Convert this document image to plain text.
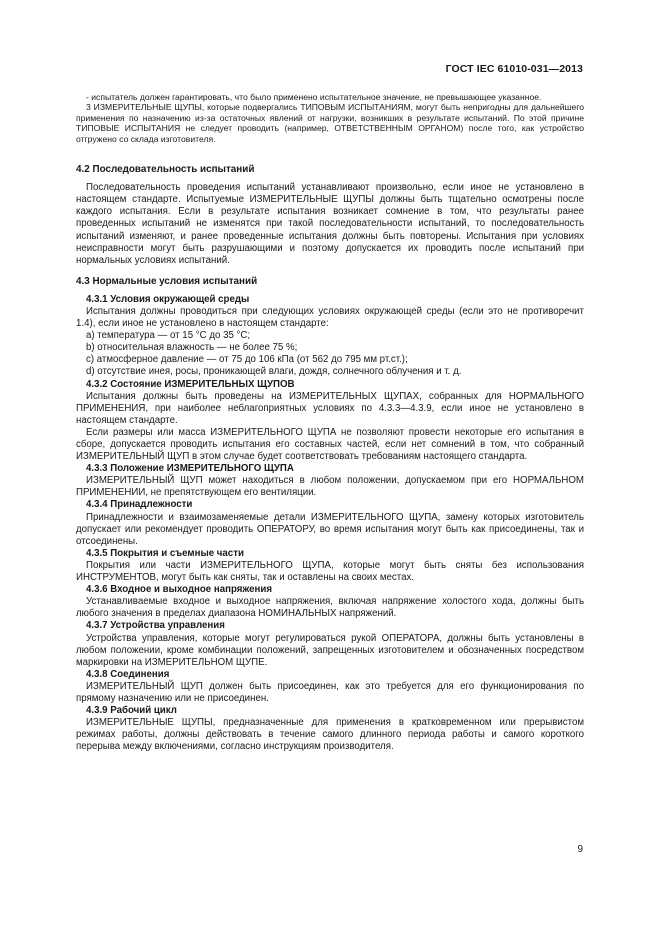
ГОСТ IEC 61010-031—2013

- испытатель должен гарантировать, что было применено испытательное значение, не превышающее указанное.

3 ИЗМЕРИТЕЛЬНЫЕ ЩУПЫ, которые подвергались ТИПОВЫМ ИСПЫТАНИЯМ, могут быть непригодны для дальнейшего применения по назначению из-за остаточных явлений от нагрузки, возникших в результате испытаний. По этой причине ТИПОВЫЕ ИСПЫТАНИЯ не следует проводить (например, ОТВЕТСТВЕННЫМ ОРГАНОМ) после того, как устройство отгружено со склада изготовителя.

4.2 Последовательность испытаний

Последовательность проведения испытаний устанавливают произвольно, если иное не установлено в настоящем стандарте. Испытуемые ИЗМЕРИТЕЛЬНЫЕ ЩУПЫ должны быть тщательно осмотрены после каждого испытания. Если в результате испытания возникает сомнение в том, что результаты ранее проведенных испытаний не изменятся при такой последовательности испытаний, то последовательность испытаний изменяют, и ранее проведенные испытания должны быть повторены. Испытания при условиях неисправности могут быть разрушающими и поэтому допускается их проводить после испытаний при нормальных условиях испытаний.

4.3 Нормальные условия испытаний
4.3.1 Условия окружающей среды

Испытания должны проводиться при следующих условиях окружающей среды (если это не противоречит 1.4), если иное не установлено в настоящем стандарте:

а) температура — от 15 °С до 35 °С;
b) относительная влажность — не более 75 %;
с) атмосферное давление — от 75 до 106 кПа (от 562 до 795 мм рт.ст.);
d) отсутствие инея, росы, проникающей влаги, дождя, солнечного облучения и т. д.
4.3.2 Состояние ИЗМЕРИТЕЛЬНЫХ ЩУПОВ

Испытания должны быть проведены на ИЗМЕРИТЕЛЬНЫХ ЩУПАХ, собранных для НОРМАЛЬНОГО ПРИМЕНЕНИЯ, при наиболее неблагоприятных условиях по 4.3.3—4.3.9, если иное не установлено в настоящем стандарте.

Если размеры или масса ИЗМЕРИТЕЛЬНОГО ЩУПА не позволяют провести некоторые его испытания в сборе, допускается проводить испытания его составных частей, если нет сомнений в том, что собранный ИЗМЕРИТЕЛЬНЫЙ ЩУП в этом случае будет соответствовать требованиям настоящего стандарта.

4.3.3 Положение ИЗМЕРИТЕЛЬНОГО ЩУПА

ИЗМЕРИТЕЛЬНЫЙ ЩУП может находиться в любом положении, допускаемом при его НОРМАЛЬНОМ ПРИМЕНЕНИИ, не препятствующем его вентиляции.

4.3.4 Принадлежности

Принадлежности и взаимозаменяемые детали ИЗМЕРИТЕЛЬНОГО ЩУПА, замену которых изготовитель допускает или рекомендует проводить ОПЕРАТОРУ, во время испытания могут быть как присоединены, так и отсоединены.

4.3.5 Покрытия и съемные части

Покрытия или части ИЗМЕРИТЕЛЬНОГО ЩУПА, которые могут быть сняты без использования ИНСТРУМЕНТОВ, могут быть как сняты, так и оставлены на своих местах.

4.3.6 Входное и выходное напряжения

Устанавливаемые входное и выходное напряжения, включая напряжение холостого хода, должны быть любого значения в пределах диапазона НОМИНАЛЬНЫХ напряжений.

4.3.7 Устройства управления

Устройства управления, которые могут регулироваться рукой ОПЕРАТОРА, должны быть установлены в любом положении, кроме комбинации положений, запрещенных изготовителем и обозначенных посредством маркировки на ИЗМЕРИТЕЛЬНОМ ЩУПЕ.

4.3.8 Соединения

ИЗМЕРИТЕЛЬНЫЙ ЩУП должен быть присоединен, как это требуется для его функционирования по прямому назначению или не присоединен.

4.3.9 Рабочий цикл

ИЗМЕРИТЕЛЬНЫЕ ЩУПЫ, предназначенные для применения в кратковременном или прерывистом режимах работы, должны действовать в течение самого длинного периода работы и самого короткого перерыва между включениями, согласно инструкциям производителя.

9
